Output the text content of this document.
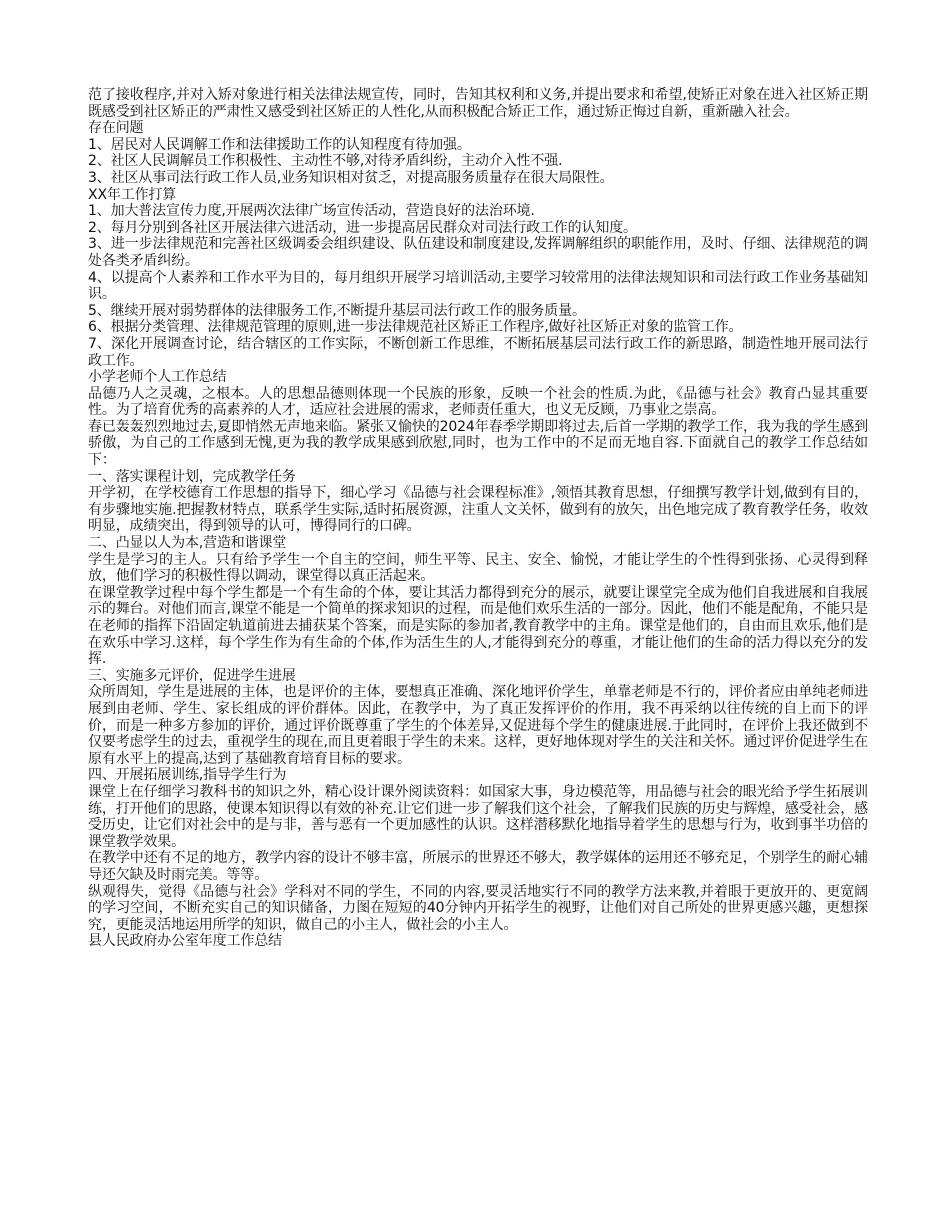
范了接收程序,并对入矫对象进行相关法律法规宣传，同时，告知其权利和义务,并提出要求和希望,使矫正对象在进入社区矫正期既感受到社区矫正的严肃性又感受到社区矫正的人性化,从而积极配合矫正工作，通过矫正悔过自新，重新融入社会。

存在问题

1、居民对人民调解工作和法律援助工作的认知程度有待加强。

2、社区人民调解员工作积极性、主动性不够,对待矛盾纠纷，主动介入性不强.

3、社区从事司法行政工作人员,业务知识相对贫乏，对提高服务质量存在很大局限性。

XX年工作打算

1、加大普法宣传力度,开展两次法律广场宣传活动，营造良好的法治环境.

2、每月分别到各社区开展法律六进活动，进一步提高居民群众对司法行政工作的认知度。

3、进一步法律规范和完善社区级调委会组织建设、队伍建设和制度建设,发挥调解组织的职能作用，及时、仔细、法律规范的调处各类矛盾纠纷。

4、以提高个人素养和工作水平为目的，每月组织开展学习培训活动,主要学习较常用的法律法规知识和司法行政工作业务基础知识。

5、继续开展对弱势群体的法律服务工作,不断提升基层司法行政工作的服务质量。

6、根据分类管理、法律规范管理的原则,进一步法律规范社区矫正工作程序,做好社区矫正对象的监管工作。

7、深化开展调查讨论，结合辖区的工作实际，不断创新工作思维，不断拓展基层司法行政工作的新思路，制造性地开展司法行政工作。

小学老师个人工作总结

品德乃人之灵魂，之根本。人的思想品德则体现一个民族的形象，反映一个社会的性质.为此，《品德与社会》教育凸显其重要性。为了培育优秀的高素养的人才，适应社会进展的需求，老师责任重大，也义无反顾，乃事业之崇高。

春已轰轰烈烈地过去,夏即悄然无声地来临。紧张又愉快的2024年春季学期即将过去,后首一学期的教学工作，我为我的学生感到骄傲，为自己的工作感到无愧,更为我的教学成果感到欣慰,同时，也为工作中的不足而无地自容.下面就自己的教学工作总结如下：

一、落实课程计划，完成教学任务

开学初，在学校德育工作思想的指导下，细心学习《品德与社会课程标准》,领悟其教育思想，仔细撰写教学计划,做到有目的，有步骤地实施.把握教材特点，联系学生实际,适时拓展资源，注重人文关怀，做到有的放矢，出色地完成了教育教学任务，收效明显，成绩突出，得到领导的认可，博得同行的口碑。

二、凸显以人为本,营造和谐课堂

学生是学习的主人。只有给予学生一个自主的空间，师生平等、民主、安全、愉悦，才能让学生的个性得到张扬、心灵得到释放，他们学习的积极性得以调动，课堂得以真正活起来。

在课堂教学过程中每个学生都是一个有生命的个体，要让其活力都得到充分的展示，就要让课堂完全成为他们自我进展和自我展示的舞台。对他们而言,课堂不能是一个简单的探求知识的过程，而是他们欢乐生活的一部分。因此，他们不能是配角，不能只是在老师的指挥下沿固定轨道前进去捕获某个答案，而是实际的参加者,教育教学中的主角。课堂是他们的，自由而且欢乐,他们是在欢乐中学习.这样，每个学生作为有生命的个体,作为活生生的人,才能得到充分的尊重，才能让他们的生命的活力得以充分的发挥.

三、实施多元评价，促进学生进展

众所周知，学生是进展的主体，也是评价的主体，要想真正准确、深化地评价学生，单靠老师是不行的，评价者应由单纯老师进展到由老师、学生、家长组成的评价群体。因此，在教学中，为了真正发挥评价的作用，我不再采纳以往传统的自上而下的评价，而是一种多方参加的评价，通过评价既尊重了学生的个体差异,又促进每个学生的健康进展.于此同时，在评价上我还做到不仅要考虑学生的过去，重视学生的现在,而且更着眼于学生的未来。这样，更好地体现对学生的关注和关怀。通过评价促进学生在原有水平上的提高,达到了基础教育培育目标的要求。

四、开展拓展训练,指导学生行为

课堂上在仔细学习教科书的知识之外，精心设计课外阅读资料：如国家大事，身边模范等，用品德与社会的眼光给予学生拓展训练，打开他们的思路，使课本知识得以有效的补充.让它们进一步了解我们这个社会，了解我们民族的历史与辉煌，感受社会，感受历史，让它们对社会中的是与非，善与恶有一个更加感性的认识。这样潜移默化地指导着学生的思想与行为，收到事半功倍的课堂教学效果。

在教学中还有不足的地方，教学内容的设计不够丰富，所展示的世界还不够大，教学媒体的运用还不够充足，个别学生的耐心辅导还欠缺及时雨完美。等等。

纵观得失，觉得《品德与社会》学科对不同的学生，不同的内容,要灵活地实行不同的教学方法来教,并着眼于更放开的、更宽阔的学习空间，不断充实自己的知识储备，力图在短短的40分钟内开拓学生的视野，让他们对自己所处的世界更感兴趣，更想探究，更能灵活地运用所学的知识，做自己的小主人，做社会的小主人。

县人民政府办公室年度工作总结
